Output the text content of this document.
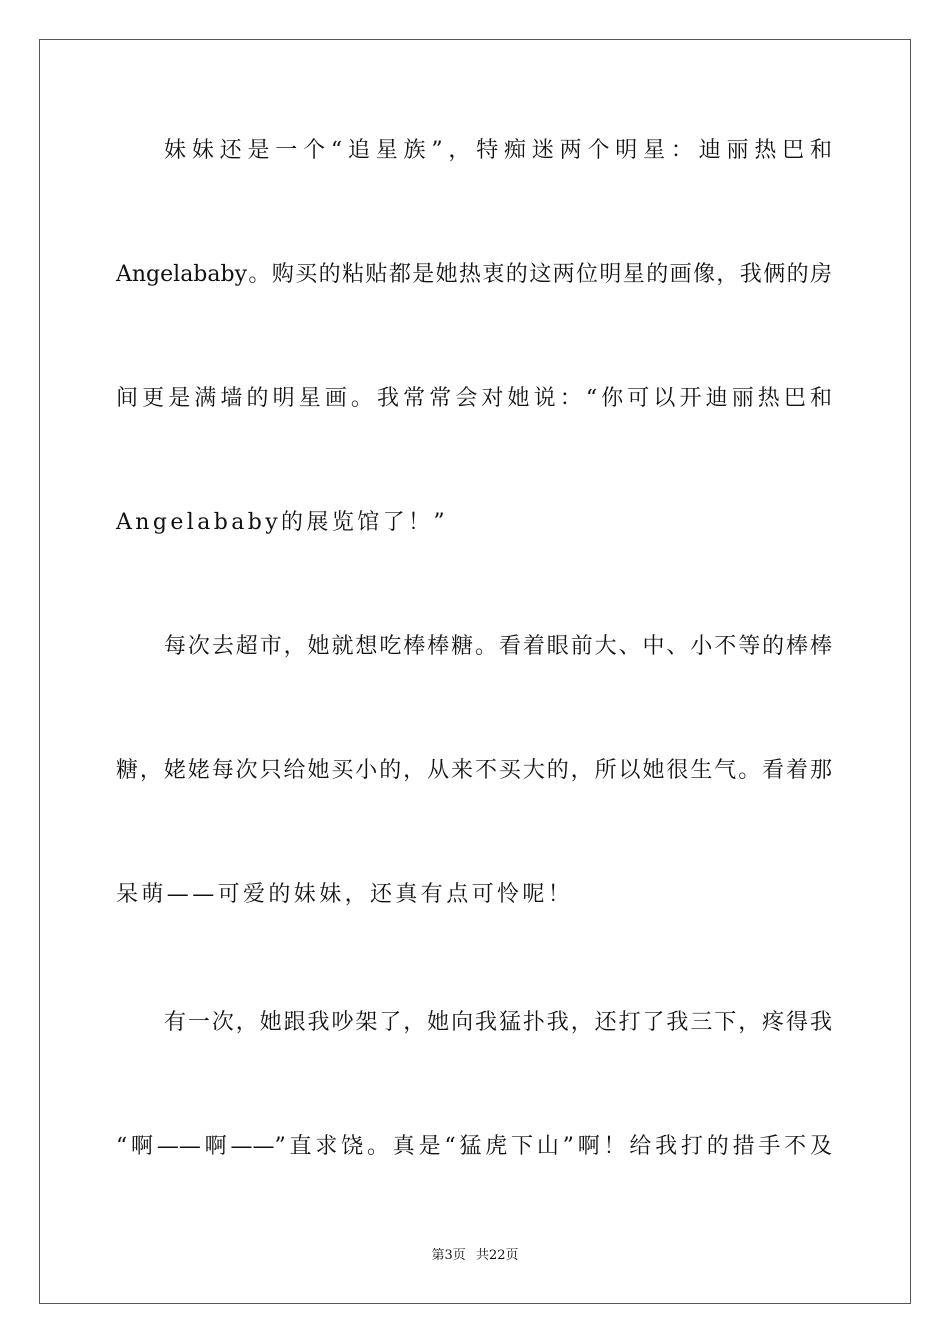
妹妹还是一个“追星族”，特痴迷两个明星：迪丽热巴和
Angelababy。购买的粘贴都是她热衷的这两位明星的画像，我俩的房
间更是满墙的明星画。我常常会对她说：“你可以开迪丽热巴和
Angelababy的展览馆了！”
每次去超市，她就想吃棒棒糖。看着眼前大、中、小不等的棒棒
糖，姥姥每次只给她买小的，从来不买大的，所以她很生气。看着那
呆萌——可爱的妹妹，还真有点可怜呢！
有一次，她跟我吵架了，她向我猛扑我，还打了我三下，疼得我
“啊——啊——”直求饶。真是“猛虎下山”啊！给我打的措手不及
第3页 共22页
